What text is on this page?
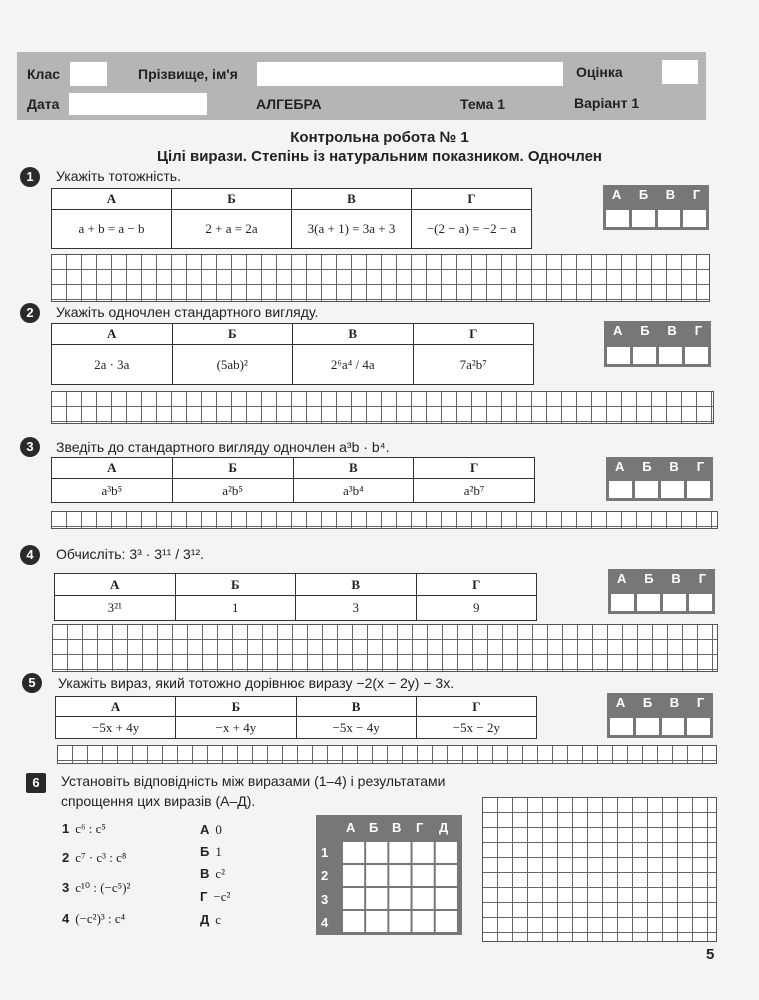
Клас	Прізвище, ім'я	Оцінка
Дата	АЛГЕБРА	Тема 1	Варіант 1
Контрольна робота № 1
Цілі вирази. Степінь із натуральним показником. Одночлен
1	Укажіть тотожність.
А	Б	В	Г
a + b = a − b	2 + a = 2a	3(a + 1) = 3a + 3	−(2 − a) = −2 − a
А Б В Г
2	Укажіть одночлен стандартного вигляду.
А	Б	В	Г
2a · 3a	(5ab)²	2⁶a⁴ / 4a	7a²b⁷
А Б В Г
3	Зведіть до стандартного вигляду одночлен a³b · b⁴.
А	Б	В	Г
a³b⁵	a²b⁵	a³b⁴	a²b⁷
А Б В Г
4	Обчисліть: 3³ · 3¹¹ / 3¹².
А	Б	В	Г
3²¹	1	3	9
А Б В Г
5	Укажіть вираз, який тотожно дорівнює виразу −2(x − 2y) − 3x.
А	Б	В	Г
−5x + 4y	−x + 4y	−5x − 4y	−5x − 2y
А Б В Г
6	Установіть відповідність між виразами (1–4) і результатами
спрощення цих виразів (А–Д).
1 c⁶ : c⁵
2 c⁷ · c³ : c⁸
3 c¹⁰ : (−c⁵)²
4 (−c²)³ : c⁴
А 0
Б 1
В c²
Г −c²
Д c
А Б В Г Д
1
2
3
4
5
